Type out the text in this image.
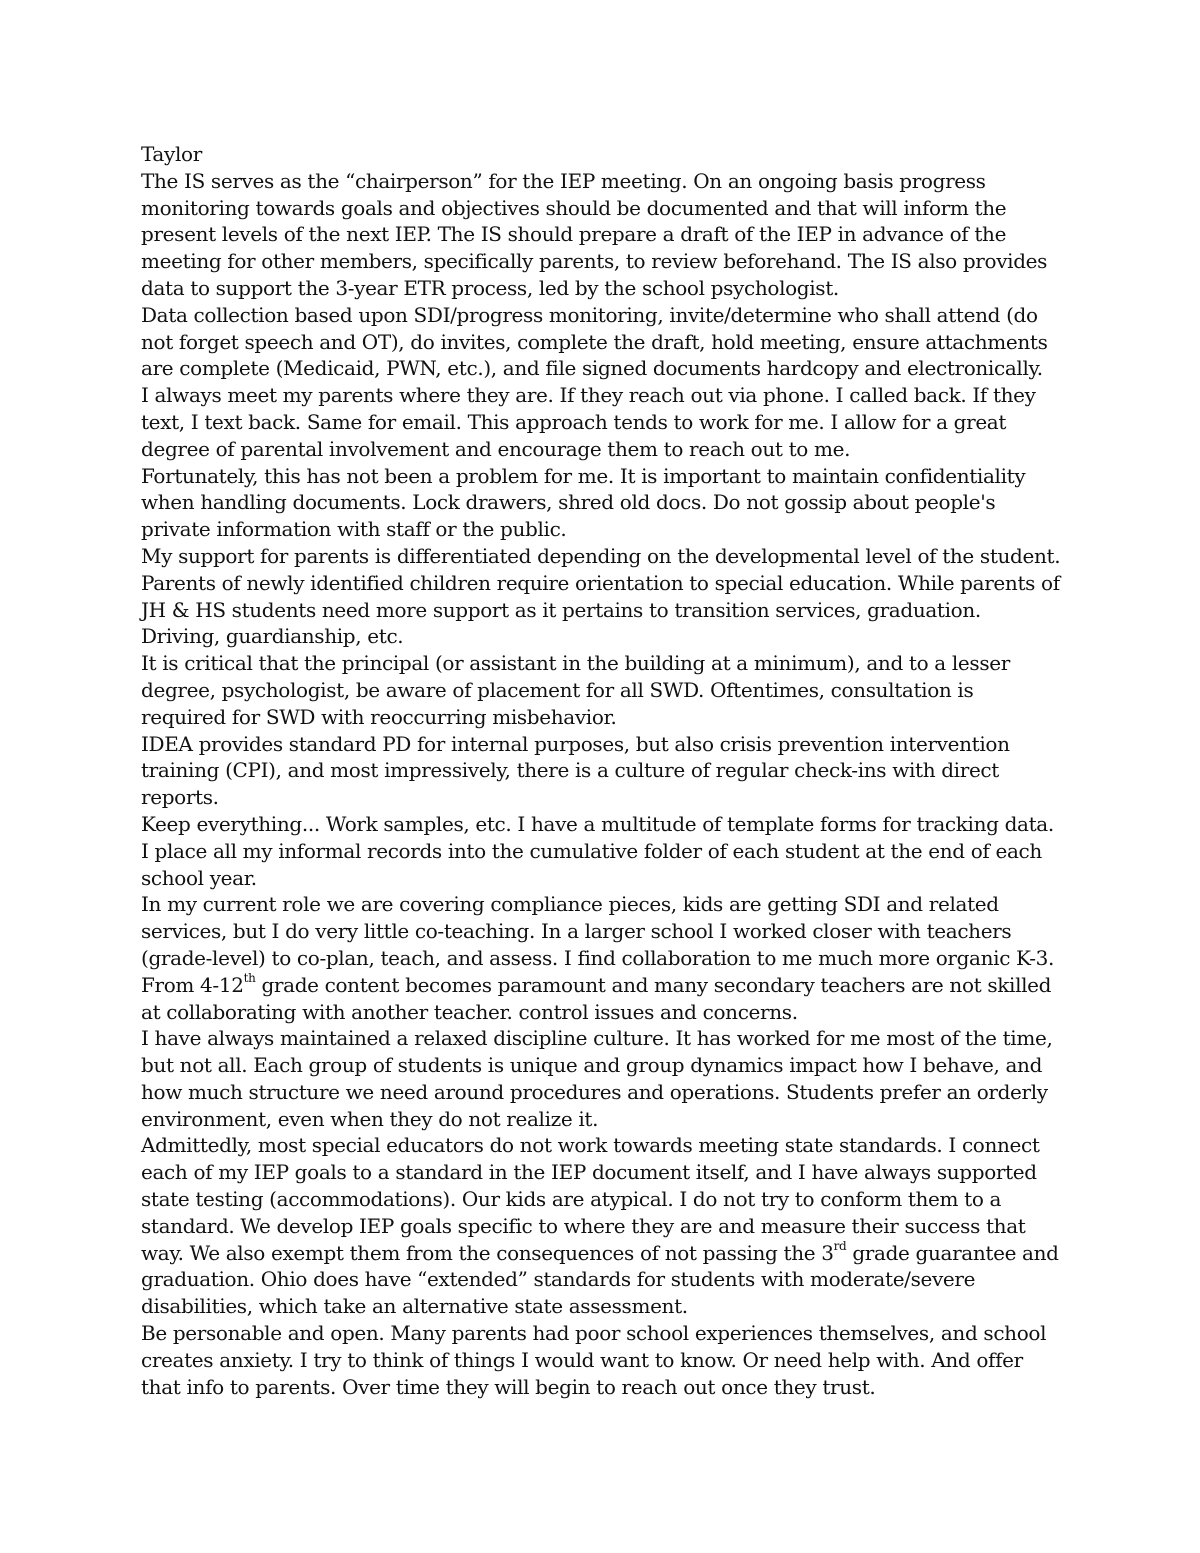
Taylor

The IS serves as the “chairperson” for the IEP meeting. On an ongoing basis progress monitoring towards goals and objectives should be documented and that will inform the present levels of the next IEP. The IS should prepare a draft of the IEP in advance of the meeting for other members, specifically parents, to review beforehand. The IS also provides data to support the 3-year ETR process, led by the school psychologist.

Data collection based upon SDI/progress monitoring, invite/determine who shall attend (do not forget speech and OT), do invites, complete the draft, hold meeting, ensure attachments are complete (Medicaid, PWN, etc.), and file signed documents hardcopy and electronically.

I always meet my parents where they are. If they reach out via phone. I called back. If they text, I text back. Same for email. This approach tends to work for me. I allow for a great degree of parental involvement and encourage them to reach out to me.

Fortunately, this has not been a problem for me. It is important to maintain confidentiality when handling documents. Lock drawers, shred old docs. Do not gossip about people's private information with staff or the public.

My support for parents is differentiated depending on the developmental level of the student. Parents of newly identified children require orientation to special education. While parents of JH & HS students need more support as it pertains to transition services, graduation. Driving, guardianship, etc.

It is critical that the principal (or assistant in the building at a minimum), and to a lesser degree, psychologist, be aware of placement for all SWD. Oftentimes, consultation is required for SWD with reoccurring misbehavior.

IDEA provides standard PD for internal purposes, but also crisis prevention intervention training (CPI), and most impressively, there is a culture of regular check-ins with direct reports.

Keep everything... Work samples, etc. I have a multitude of template forms for tracking data. I place all my informal records into the cumulative folder of each student at the end of each school year.

In my current role we are covering compliance pieces, kids are getting SDI and related services, but I do very little co-teaching. In a larger school I worked closer with teachers (grade-level) to co-plan, teach, and assess. I find collaboration to me much more organic K-3. From 4-12th grade content becomes paramount and many secondary teachers are not skilled at collaborating with another teacher. control issues and concerns.

I have always maintained a relaxed discipline culture. It has worked for me most of the time, but not all. Each group of students is unique and group dynamics impact how I behave, and how much structure we need around procedures and operations. Students prefer an orderly environment, even when they do not realize it.

Admittedly, most special educators do not work towards meeting state standards. I connect each of my IEP goals to a standard in the IEP document itself, and I have always supported state testing (accommodations). Our kids are atypical. I do not try to conform them to a standard. We develop IEP goals specific to where they are and measure their success that way. We also exempt them from the consequences of not passing the 3rd grade guarantee and graduation. Ohio does have “extended” standards for students with moderate/severe disabilities, which take an alternative state assessment.

Be personable and open. Many parents had poor school experiences themselves, and school creates anxiety. I try to think of things I would want to know. Or need help with. And offer that info to parents. Over time they will begin to reach out once they trust.
